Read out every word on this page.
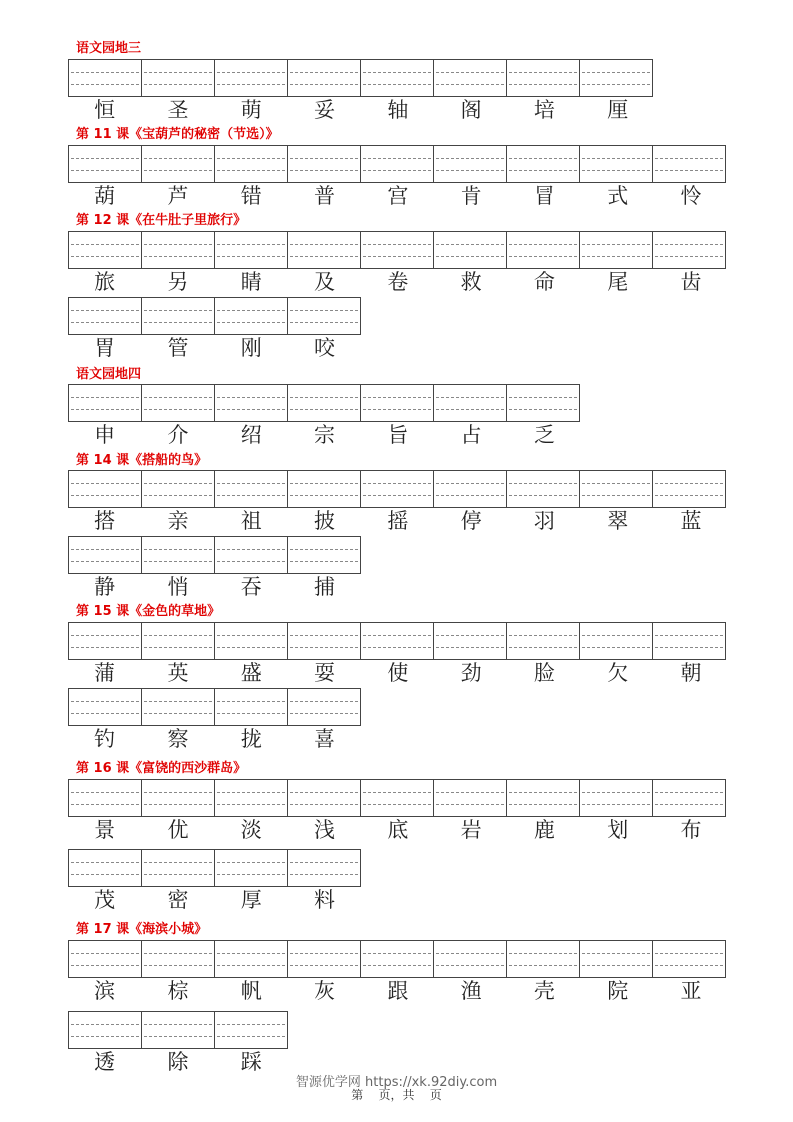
语文园地三
恒	圣	萌	妥	轴	阁	培	厘
第 11 课《宝葫芦的秘密（节选）》
葫	芦	错	普	宫	肯	冒	式	怜
第 12 课《在牛肚子里旅行》
旅	另	睛	及	卷	救	命	尾	齿
胃	管	刚	咬
语文园地四
申	介	绍	宗	旨	占	乏
第 14 课《搭船的鸟》
搭	亲	祖	披	摇	停	羽	翠	蓝
静	悄	吞	捕
第 15 课《金色的草地》
蒲	英	盛	耍	使	劲	脸	欠	朝
钓	察	拢	喜
第 16 课《富饶的西沙群岛》
景	优	淡	浅	底	岩	鹿	划	布
茂	密	厚	料
第 17 课《海滨小城》
滨	棕	帆	灰	跟	渔	壳	院	亚
透	除	踩
智源优学网 https://xk.92diy.com
第    页，共    页
